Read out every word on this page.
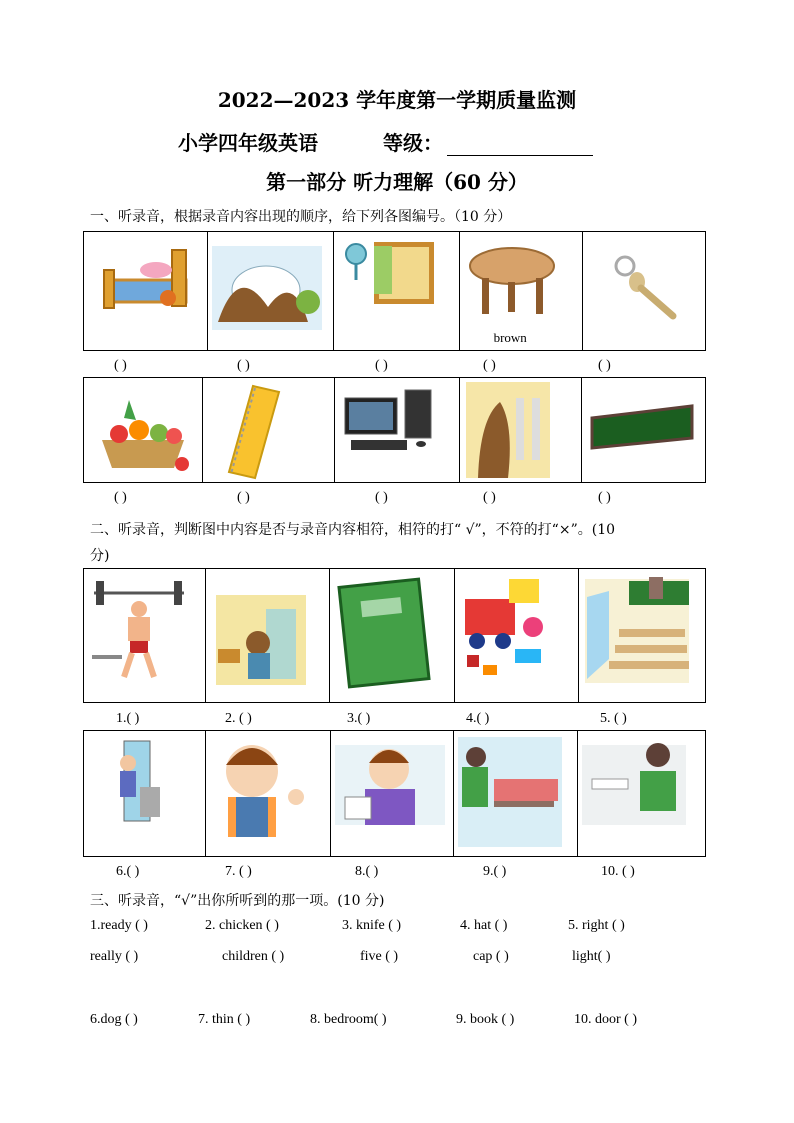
2022—2023 学年度第一学期质量监测
小学四年级英语	等级：
第一部分 听力理解（60 分）
一、听录音，根据录音内容出现的顺序，给下列各图编号。（10 分）
brown
( )	( )	( )	( )	( )
( )	( )	( )	( )	( )
二、听录音，判断图中内容是否与录音内容相符，相符的打“ √”，不符的打“×”。(10
分)
1.( )	2. ( )	3.( )	4.( )	5. ( )
6.( )	7. ( )	8.( )	9.( )	10. ( )
三、听录音，“√”出你所听到的那一项。(10 分)
1.ready ( )	2. chicken ( )	3. knife ( )	4. hat ( )	5. right ( )
really ( )	children ( )	five ( )	cap ( )	light( )
6.dog ( )	7. thin ( )	8. bedroom( )	9. book ( )	10. door ( )
